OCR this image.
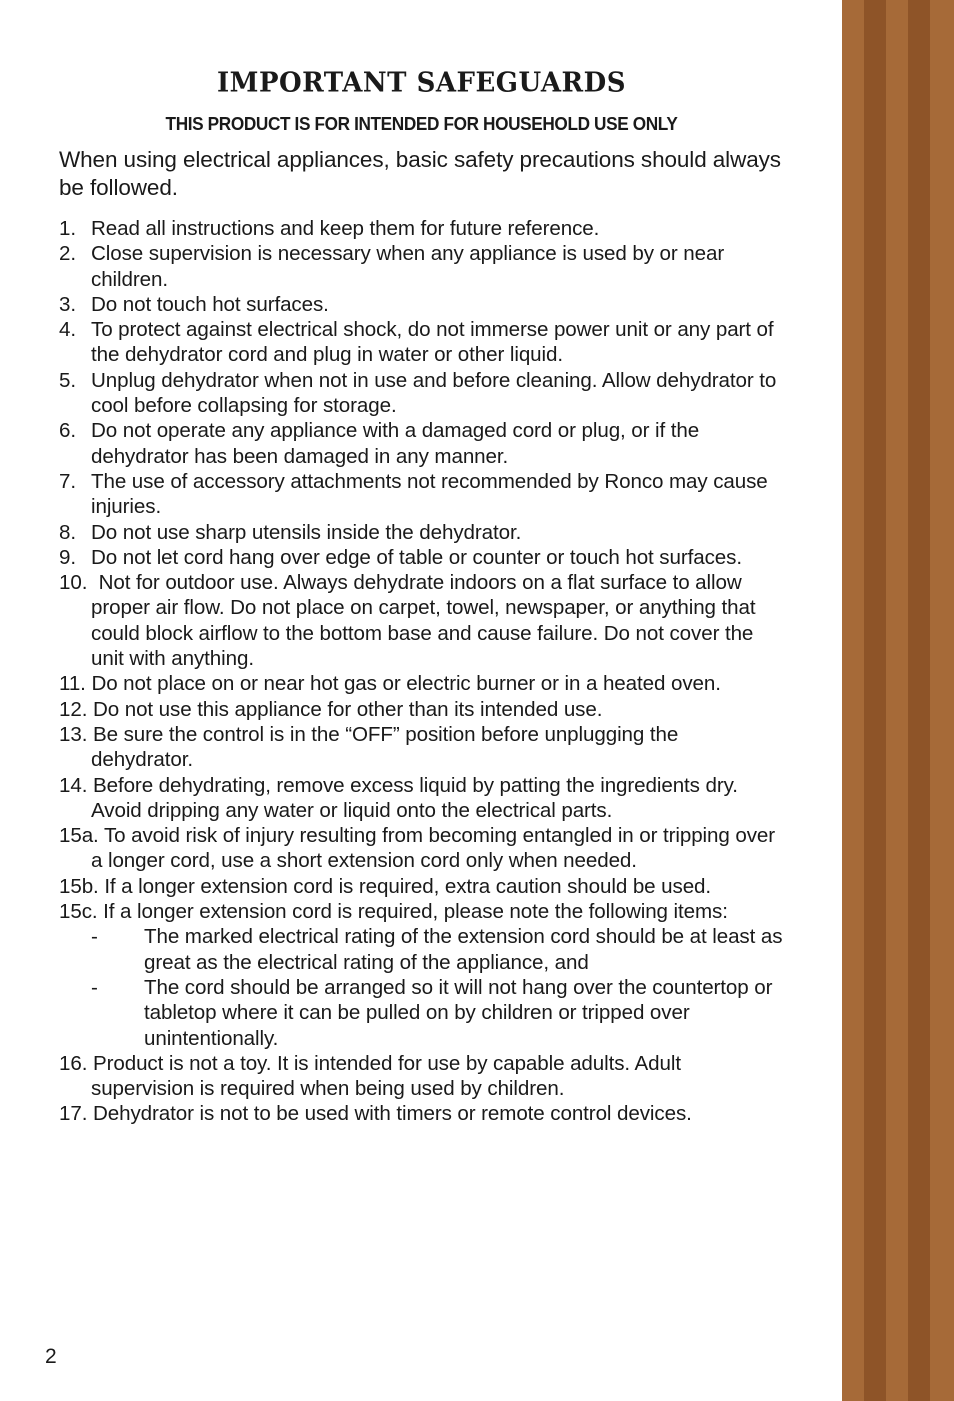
IMPORTANT SAFEGUARDS
THIS PRODUCT IS FOR INTENDED FOR HOUSEHOLD USE ONLY

When using electrical appliances, basic safety precautions should always be followed.

1. Read all instructions and keep them for future reference.
2. Close supervision is necessary when any appliance is used by or near children.
3. Do not touch hot surfaces.
4. To protect against electrical shock, do not immerse power unit or any part of the dehydrator cord and plug in water or other liquid.
5. Unplug dehydrator when not in use and before cleaning. Allow dehydrator to cool before collapsing for storage.
6. Do not operate any appliance with a damaged cord or plug, or if the dehydrator has been damaged in any manner.
7. The use of accessory attachments not recommended by Ronco may cause injuries.
8. Do not use sharp utensils inside the dehydrator.
9. Do not let cord hang over edge of table or counter or touch hot surfaces.
10. Not for outdoor use. Always dehydrate indoors on a flat surface to allow proper air flow. Do not place on carpet, towel, newspaper, or anything that could block airflow to the bottom base and cause failure. Do not cover the unit with anything.
11. Do not place on or near hot gas or electric burner or in a heated oven.
12. Do not use this appliance for other than its intended use.
13. Be sure the control is in the “OFF” position before unplugging the dehydrator.
14. Before dehydrating, remove excess liquid by patting the ingredients dry. Avoid dripping any water or liquid onto the electrical parts.
15a. To avoid risk of injury resulting from becoming entangled in or tripping over a longer cord, use a short extension cord only when needed.
15b. If a longer extension cord is required, extra caution should be used.
15c. If a longer extension cord is required, please note the following items:
- The marked electrical rating of the extension cord should be at least as great as the electrical rating of the appliance, and
- The cord should be arranged so it will not hang over the countertop or tabletop where it can be pulled on by children or tripped over unintentionally.
16. Product is not a toy. It is intended for use by capable adults. Adult supervision is required when being used by children.
17. Dehydrator is not to be used with timers or remote control devices.
2
